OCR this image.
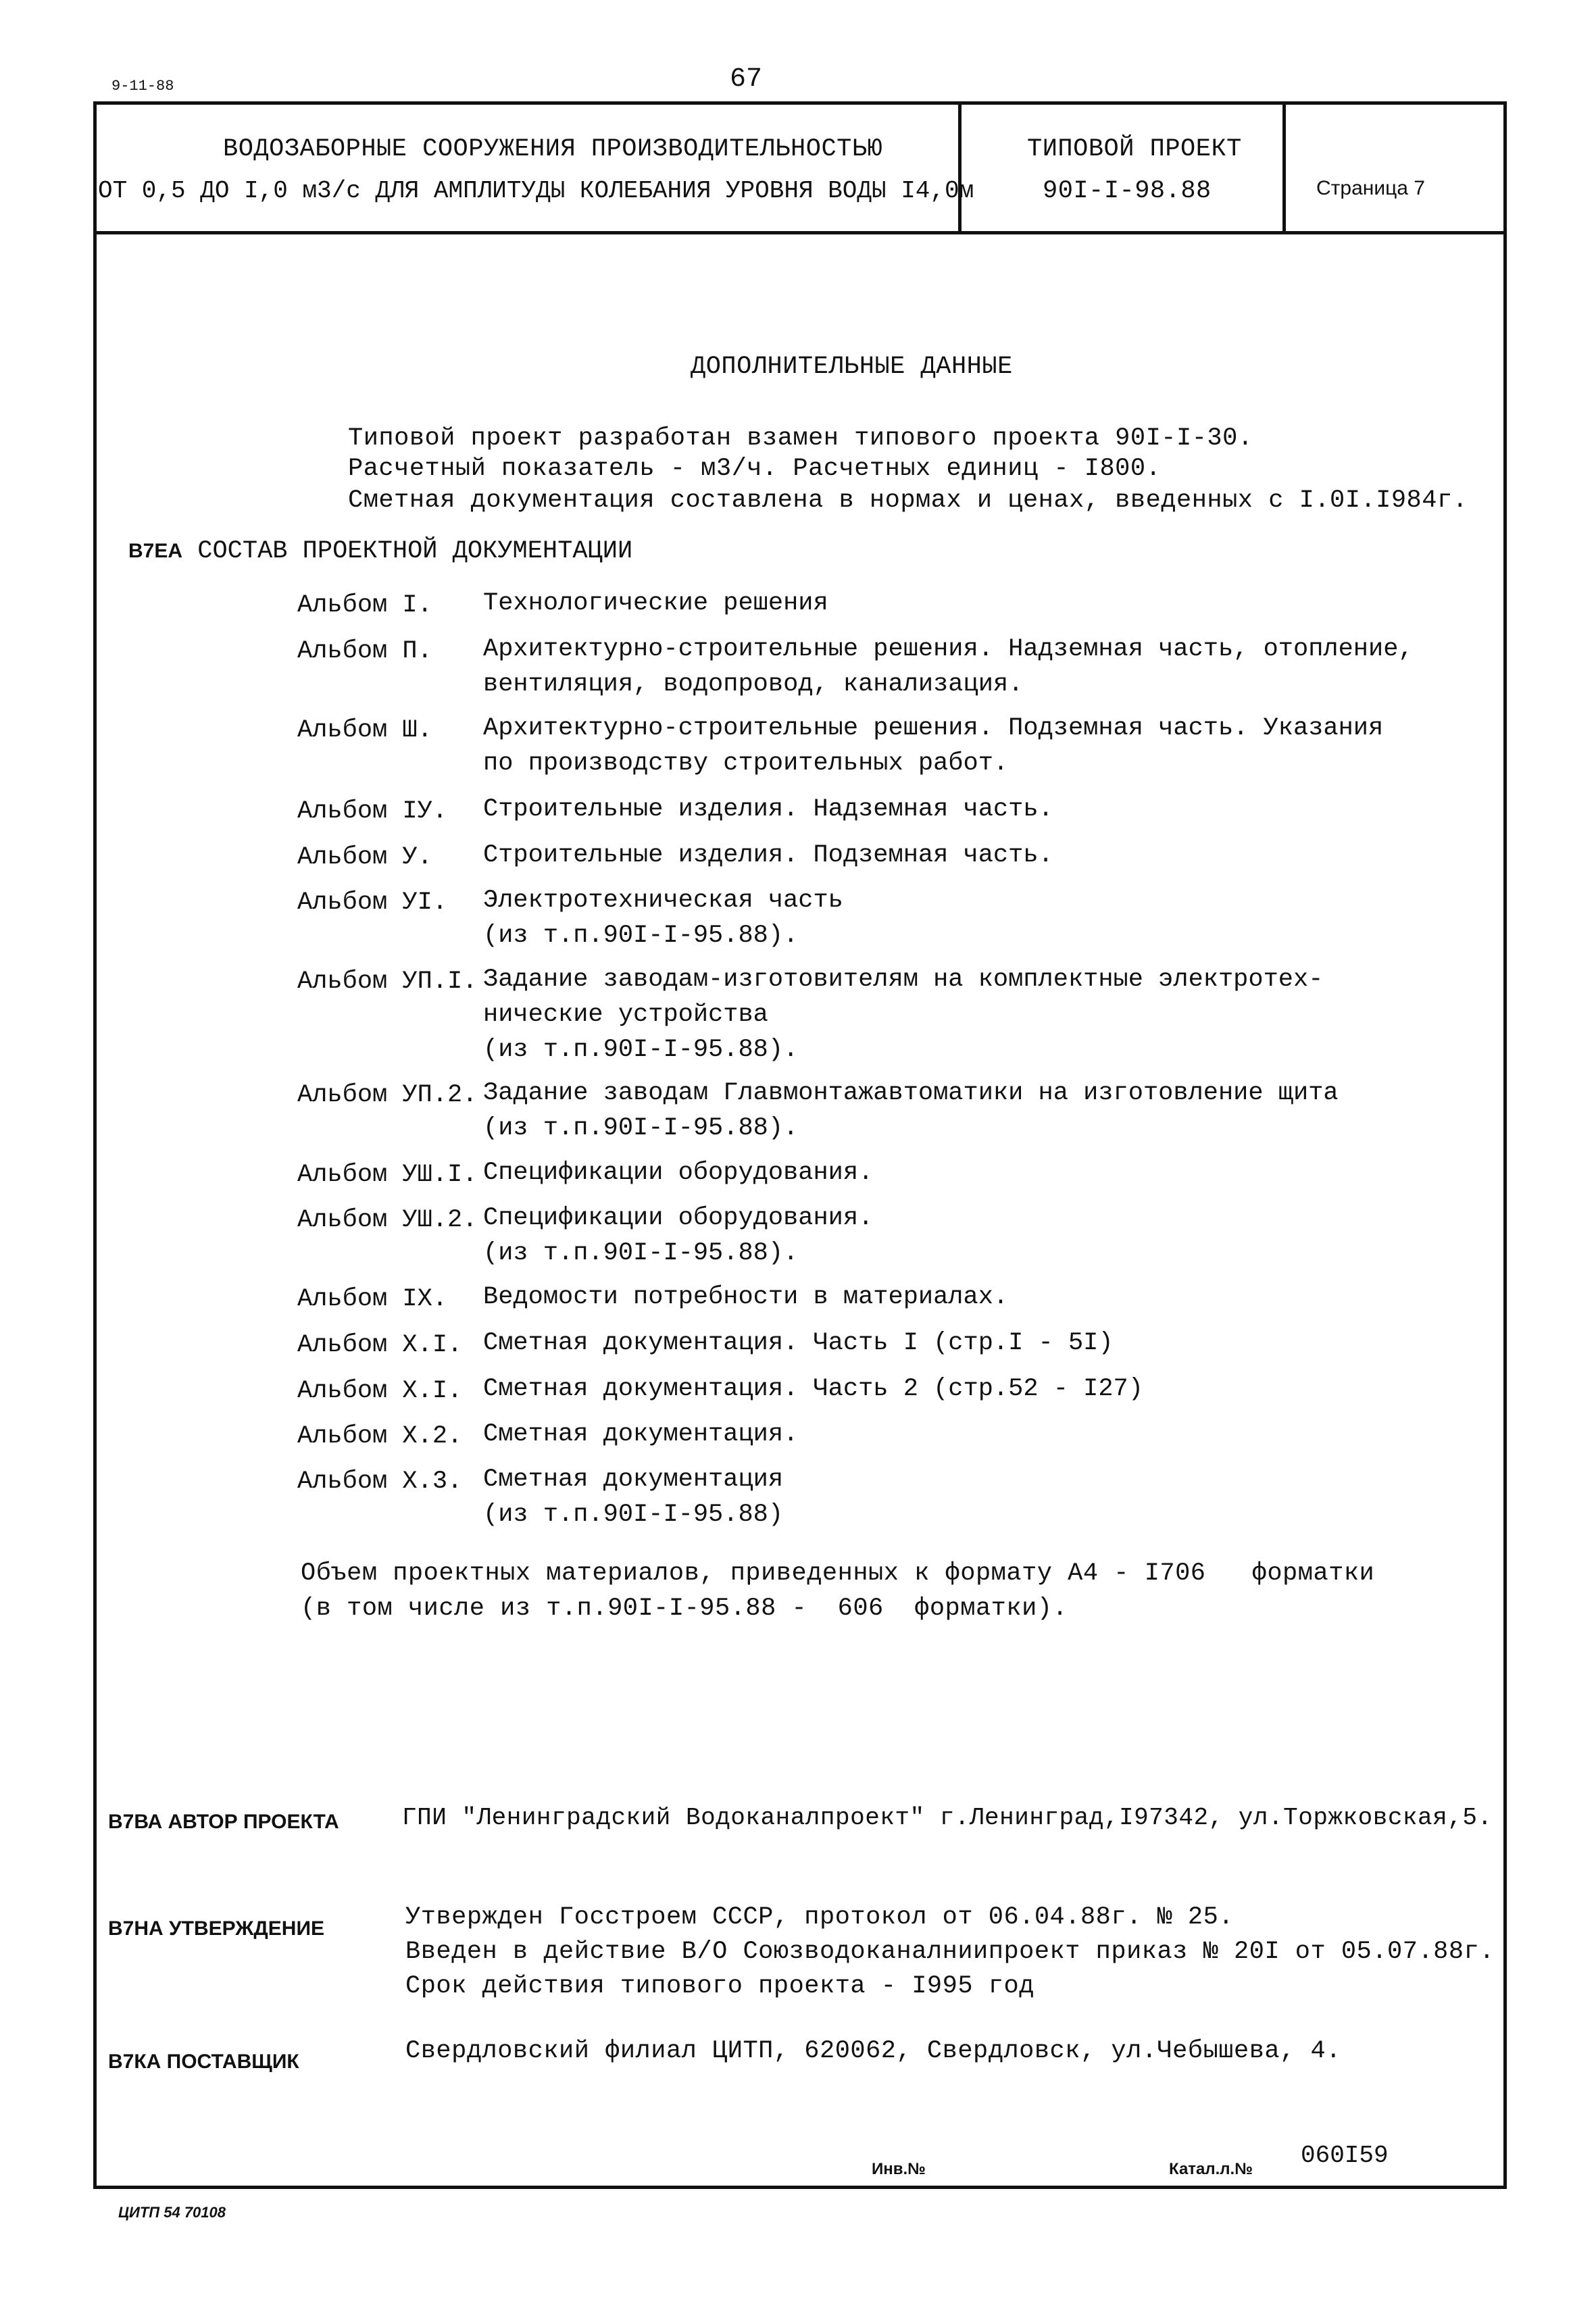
9-11-88	67
ВОДОЗАБОРНЫЕ СООРУЖЕНИЯ ПРОИЗВОДИТЕЛЬНОСТЬЮ
ОТ 0,5 ДО I,0 м3/с ДЛЯ АМПЛИТУДЫ КОЛЕБАНИЯ УРОВНЯ ВОДЫ I4,0м
ТИПОВОЙ ПРОЕКТ
90I-I-98.88	Страница 7
ДОПОЛНИТЕЛЬНЫЕ ДАННЫЕ
Типовой проект разработан взамен типового проекта 90I-I-30.
Расчетный показатель - м3/ч. Расчетных единиц - I800.
Сметная документация составлена в нормах и ценах, введенных с I.0I.I984г.
В7ЕА СОСТАВ ПРОЕКТНОЙ ДОКУМЕНТАЦИИ
Альбом I. Технологические решения
Альбом П. Архитектурно-строительные решения. Надземная часть, отопление,
вентиляция, водопровод, канализация.
Альбом Ш. Архитектурно-строительные решения. Подземная часть. Указания
по производству строительных работ.
Альбом IУ. Строительные изделия. Надземная часть.
Альбом У. Строительные изделия. Подземная часть.
Альбом УI. Электротехническая часть
(из т.п.90I-I-95.88).
Альбом УП.I. Задание заводам-изготовителям на комплектные электротех-
нические устройства
(из т.п.90I-I-95.88).
Альбом УП.2. Задание заводам Главмонтажавтоматики на изготовление щита
(из т.п.90I-I-95.88).
Альбом УШ.I. Спецификации оборудования.
Альбом УШ.2. Спецификации оборудования.
(из т.п.90I-I-95.88).
Альбом IX. Ведомости потребности в материалах.
Альбом X.I. Сметная документация. Часть I (стр.I - 5I)
Альбом X.I. Сметная документация. Часть 2 (стр.52 - I27)
Альбом X.2. Сметная документация.
Альбом X.3. Сметная документация
(из т.п.90I-I-95.88)
Объем проектных материалов, приведенных к формату А4 - I706   форматки
(в том числе из т.п.90I-I-95.88 -  606  форматки).
В7ВА АВТОР ПРОЕКТА	ГПИ "Ленинградский Водоканалпроект" г.Ленинград,I97342, ул.Торжковская,5.
В7НА УТВЕРЖДЕНИЕ	Утвержден Госстроем СССР, протокол от 06.04.88г. № 25.
Введен в действие В/О Союзводоканалниипроект приказ № 20I от 05.07.88г.
Срок действия типового проекта - I995 год
В7КА ПОСТАВЩИК	Свердловский филиал ЦИТП, 620062, Свердловск, ул.Чебышева, 4.
Инв.№	Катал.л.№ 060I59
ЦИТП 54 70108
